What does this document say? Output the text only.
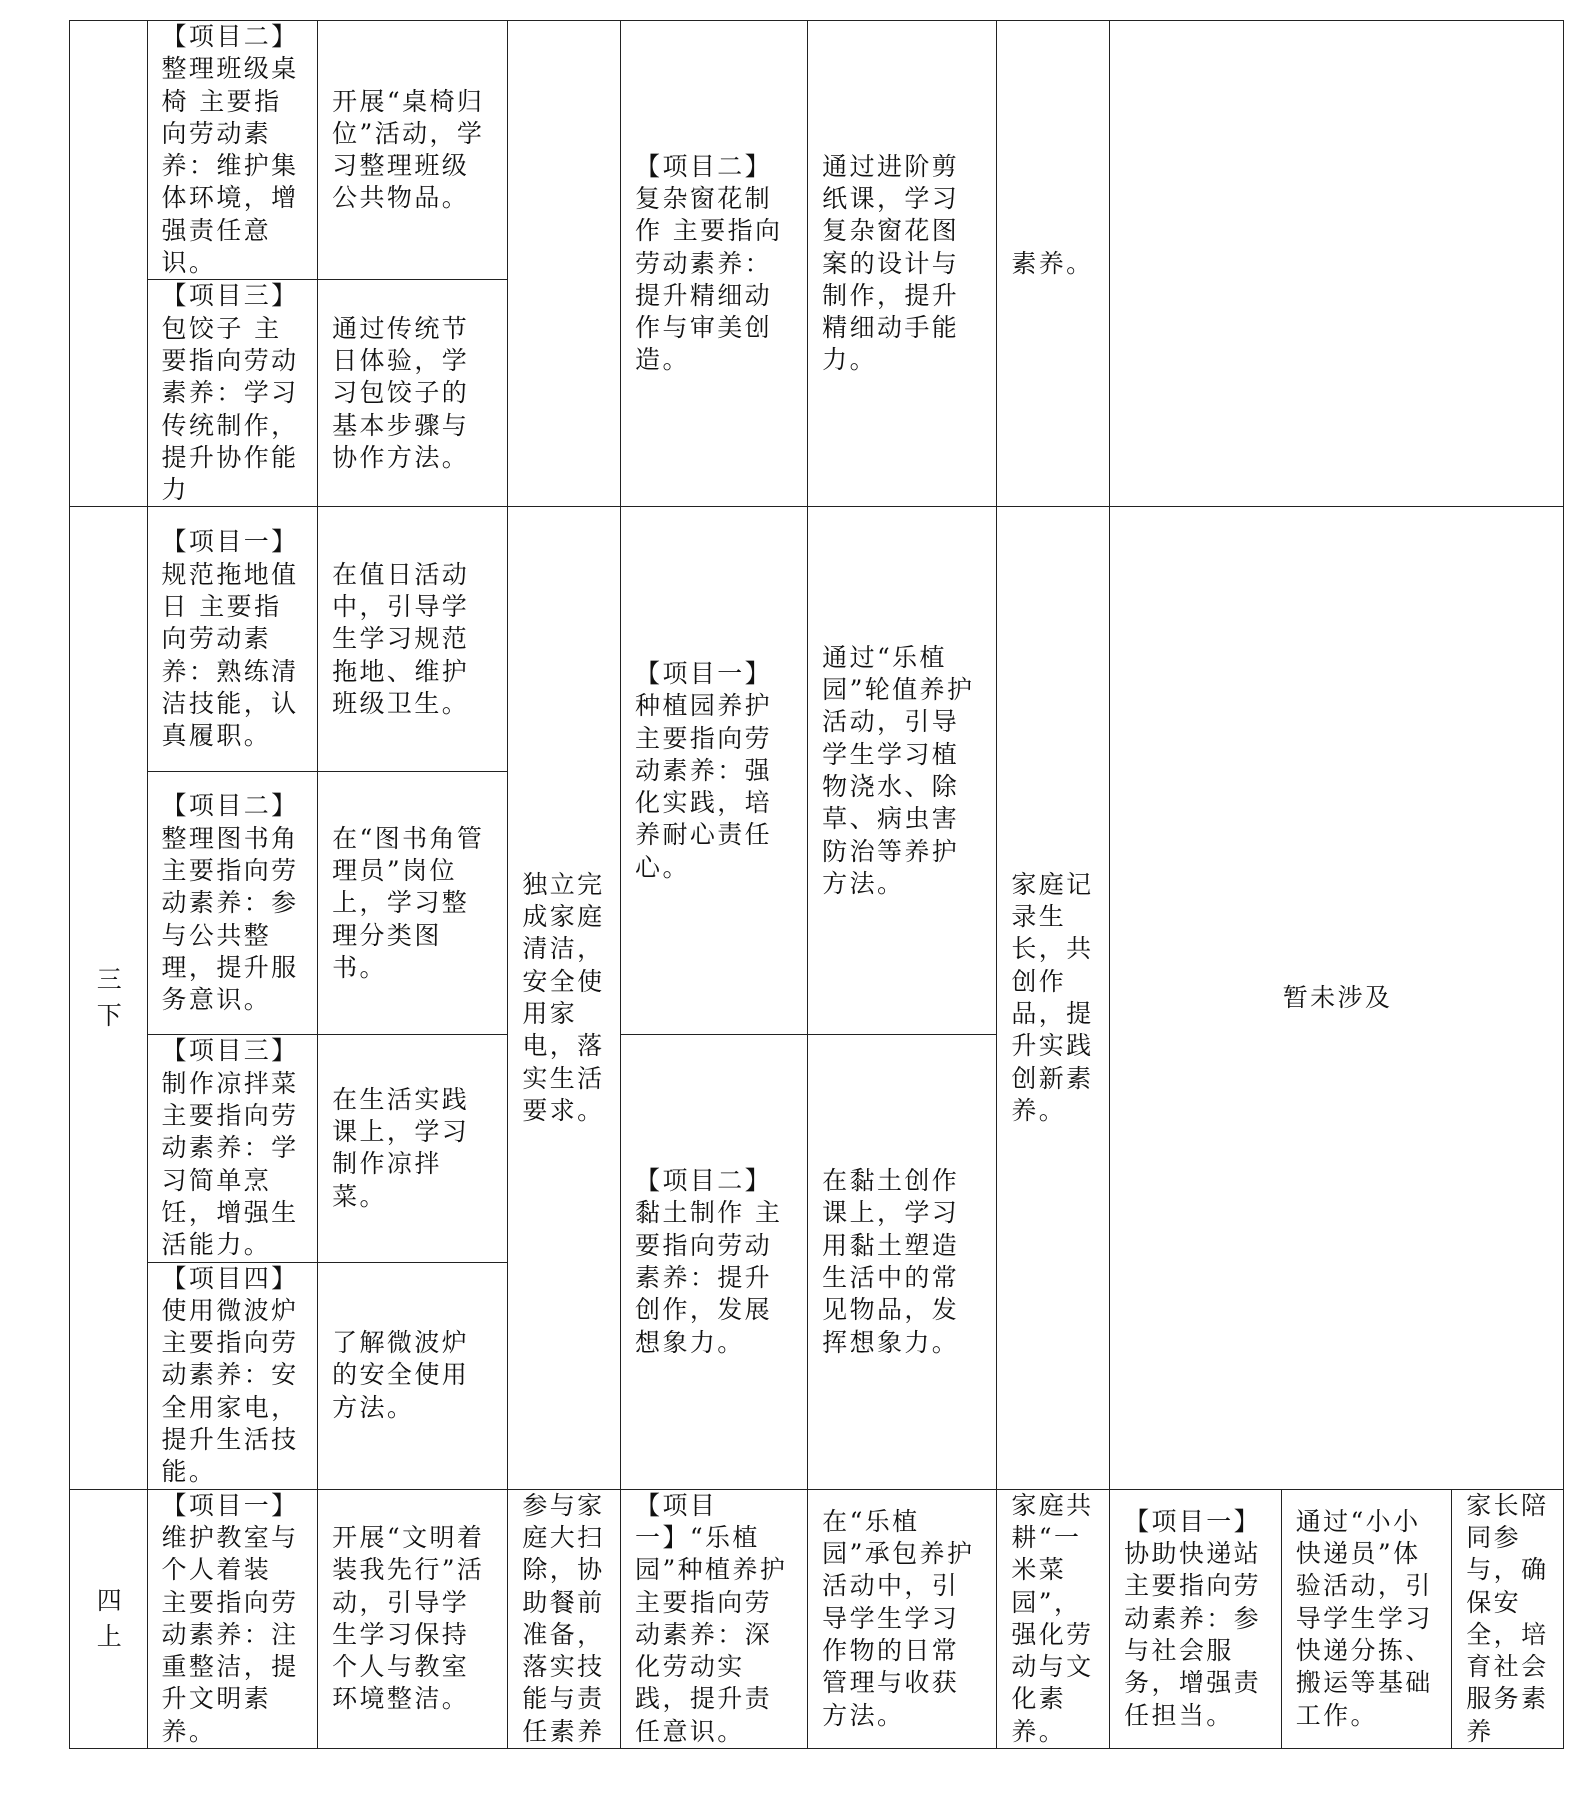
	【项目二】整理班级桌椅 主要指向劳动素养：维护集体环境，增强责任意识。	开展“桌椅归位”活动，学习整理班级公共物品。		【项目二】复杂窗花制作 主要指向劳动素养：提升精细动作与审美创造。	通过进阶剪纸课，学习复杂窗花图案的设计与制作，提升精细动手能力。	素养。			
	【项目三】包饺子 主要指向劳动素养：学习传统制作，提升协作能力	通过传统节日体验，学习包饺子的基本步骤与协作方法。							

三下	【项目一】规范拖地值日 主要指向劳动素养：熟练清洁技能，认真履职。	在值日活动中，引导学生学习规范拖地、维护班级卫生。	独立完成家庭清洁，安全使用家电，落实生活要求。	【项目一】种植园养护 主要指向劳动素养：强化实践，培养耐心责任心。	通过“乐植园”轮值养护活动，引导学生学习植物浇水、除草、病虫害防治等养护方法。	家庭记录生长，共创作品，提升实践创新素养。	暂未涉及		
	【项目二】整理图书角 主要指向劳动素养：参与公共整理，提升服务意识。	在“图书角管理员”岗位上，学习整理分类图书。							
	【项目三】制作凉拌菜 主要指向劳动素养：学习简单烹饪，增强生活能力。	在生活实践课上，学习制作凉拌菜。		【项目二】黏土制作 主要指向劳动素养：提升创作，发展想象力。	在黏土创作课上，学习用黏土塑造生活中的常见物品，发挥想象力。				
	【项目四】使用微波炉 主要指向劳动素养：安全用家电，提升生活技能。	了解微波炉的安全使用方法。							

四上	【项目一】维护教室与个人着装 主要指向劳动素养：注重整洁，提升文明素养。	开展“文明着装我先行”活动，引导学生学习保持个人与教室环境整洁。	参与家庭大扫除，协助餐前准备，落实技能与责任素养	【项目一】“乐植园”种植养护 主要指向劳动素养：深化劳动实践，提升责任意识。	在“乐植园”承包养护活动中，引导学生学习作物的日常管理与收获方法。	家庭共耕“一米菜园”，强化劳动与文化素养。	【项目一】协助快递站 主要指向劳动素养：参与社会服务，增强责任担当。	通过“小小快递员”体验活动，引导学生学习快递分拣、搬运等基础工作。	家长陪同参与，确保安全，培育社会服务素养
